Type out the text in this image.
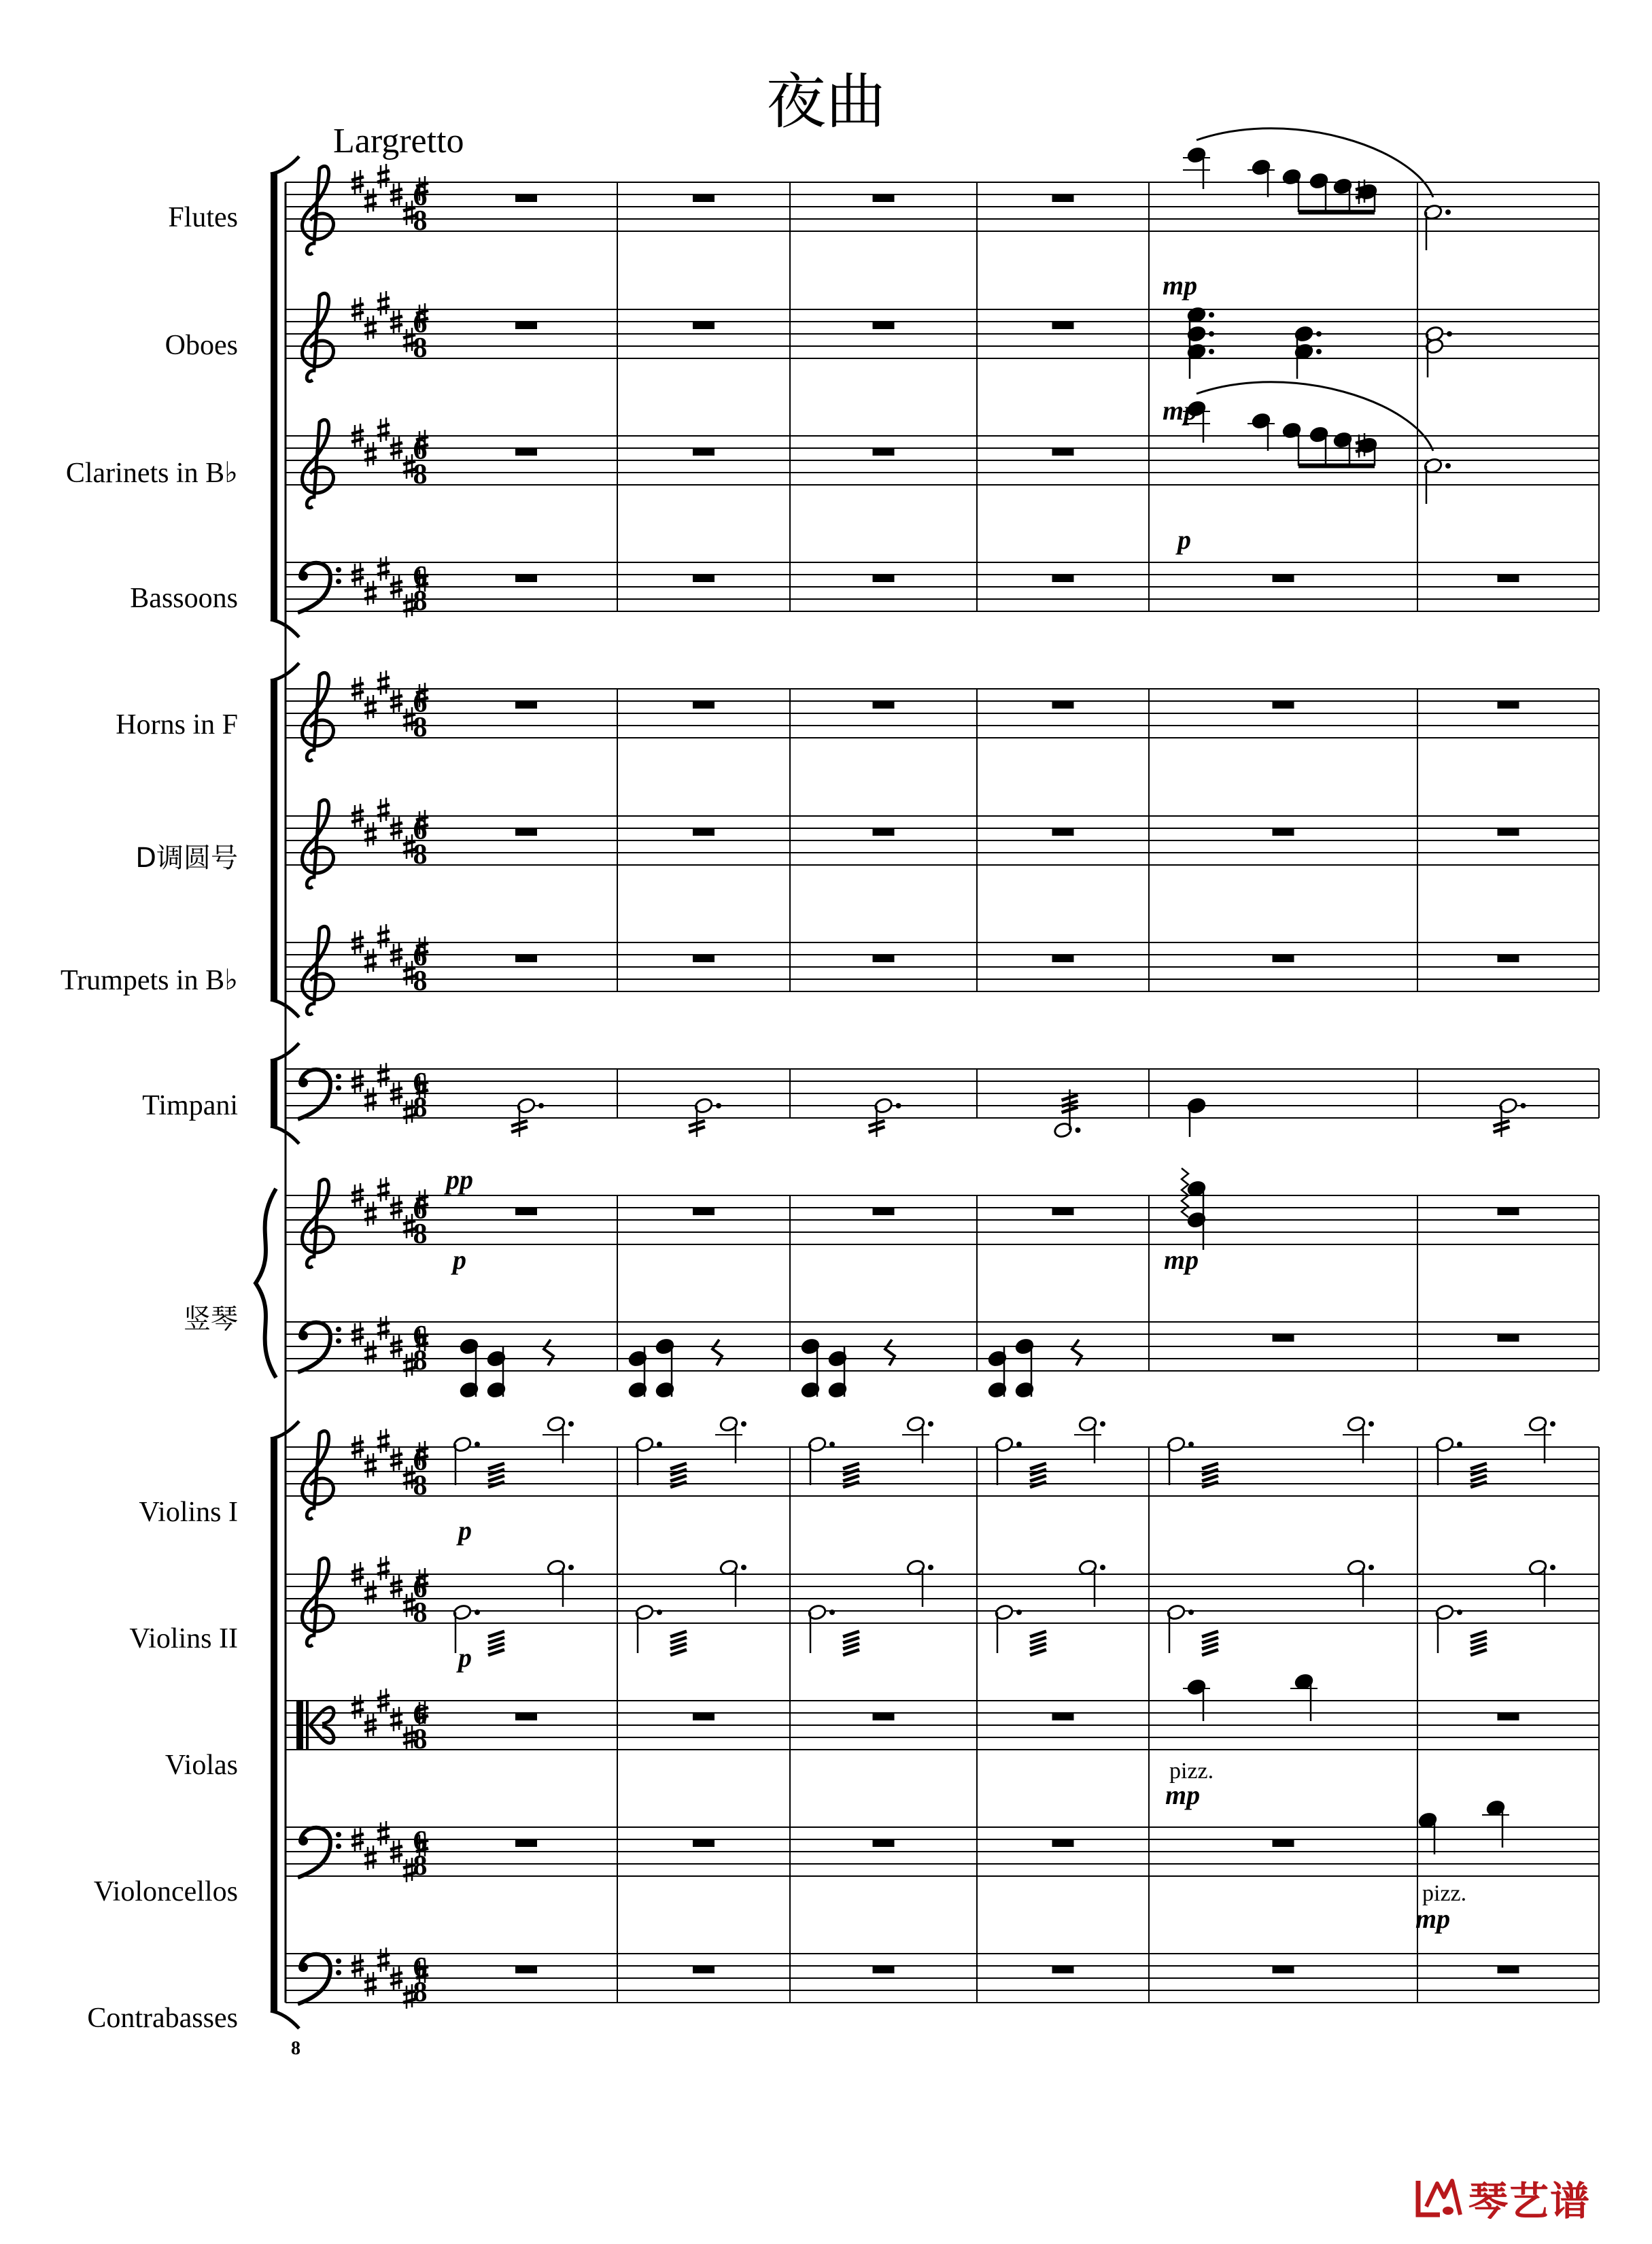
夜曲
Largretto
Flutes
Oboes
Clarinets in B♭
Bassoons
Horns in F
D调圆号
Trumpets in B♭
Timpani
竖琴
Violins I
Violins II
Violas
Violoncellos
Contrabasses
6
8
6
8
6
8
6
8
6
8
6
8
6
8
6
8
6
8
6
8
6
8
6
8
6
8
6
8
6
8
mp
mp
p
pp
p	mp
p
p
mp
mp
pizz.
pizz.
8
琴艺谱
